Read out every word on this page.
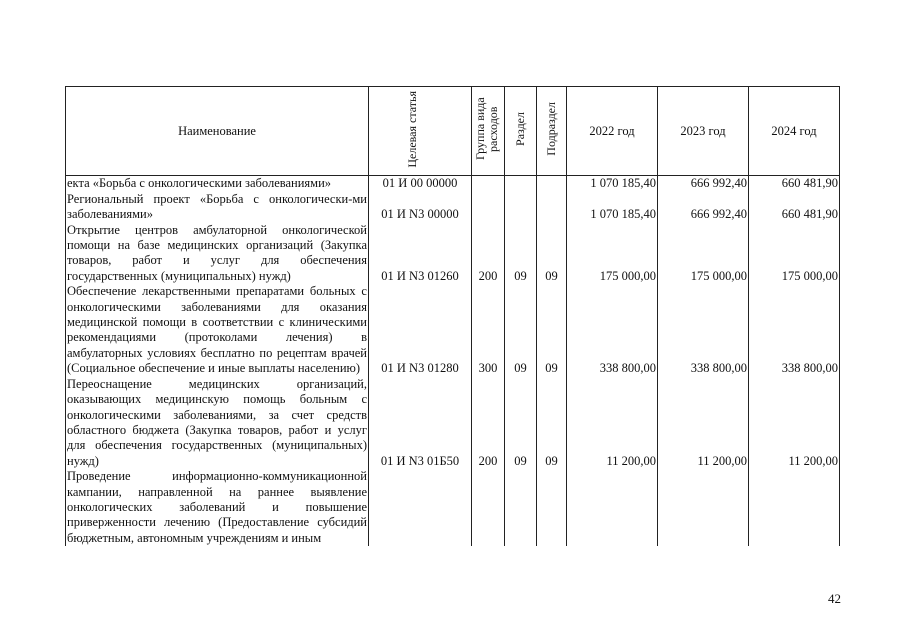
Наименование	Целевая статья	Группа вида расходов	Раздел	Подраздел	2022 год	2023 год	2024 год
екта «Борьба с онкологическими заболеваниями»	01 И 00 00000				1 070 185,40	666 992,40	660 481,90
Региональный проект «Борьба с онкологически-ми заболеваниями»	01 И N3 00000				1 070 185,40	666 992,40	660 481,90
Открытие центров амбулаторной онкологической помощи на базе медицинских организаций (Закупка товаров, работ и услуг для обеспечения государственных (муниципальных) нужд)	01 И N3 01260	200	09	09	175 000,00	175 000,00	175 000,00
Обеспечение лекарственными препаратами больных с онкологическими заболеваниями для оказания медицинской помощи в соответствии с клиническими рекомендациями (протоколами лечения) в амбулаторных условиях бесплатно по рецептам врачей (Социальное обеспечение и иные выплаты населению)	01 И N3 01280	300	09	09	338 800,00	338 800,00	338 800,00
Переоснащение медицинских организаций, оказывающих медицинскую помощь больным с онкологическими заболеваниями, за счет средств областного бюджета (Закупка товаров, работ и услуг для обеспечения государственных (муниципальных) нужд)	01 И N3 01Б50	200	09	09	11 200,00	11 200,00	11 200,00
Проведение информационно-коммуникационной кампании, направленной на раннее выявление онкологических заболеваний и повышение приверженности лечению (Предоставление субсидий бюджетным, автономным учреждениям и иным							
42
